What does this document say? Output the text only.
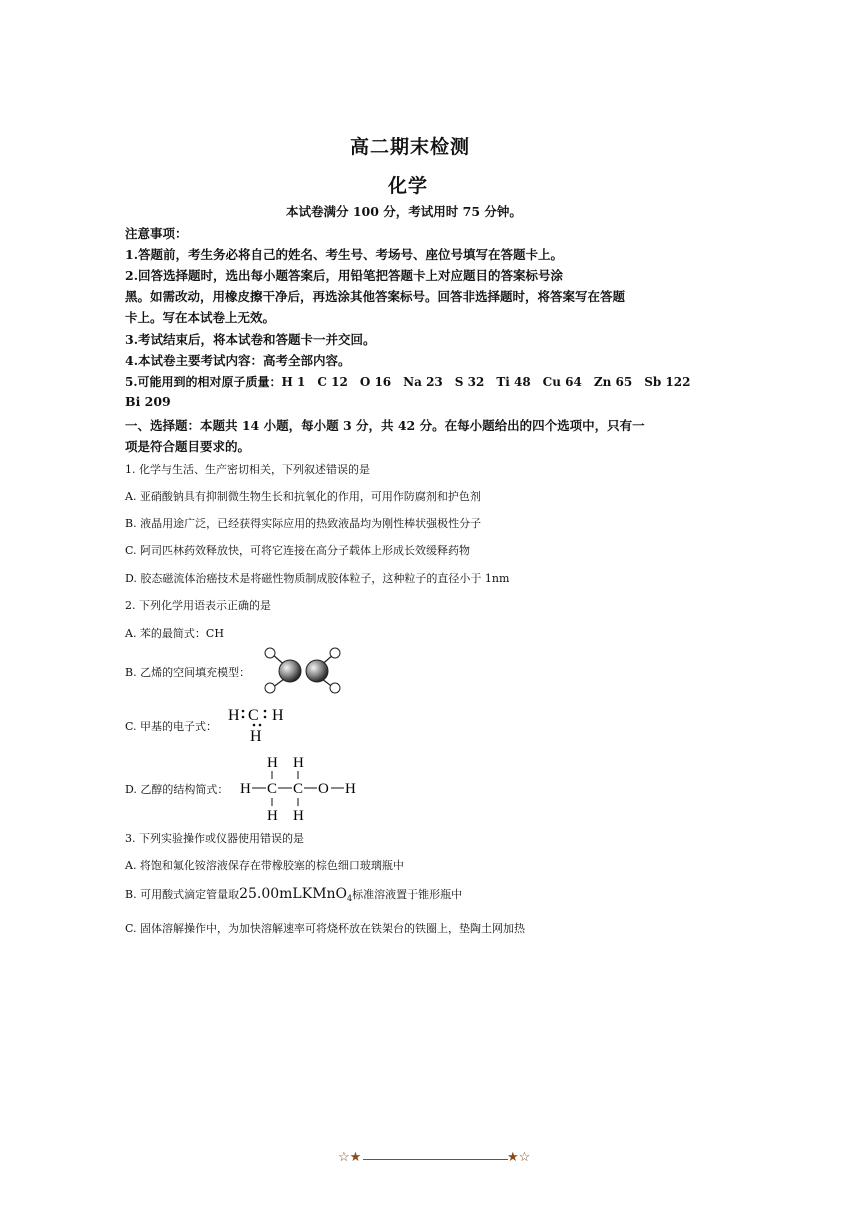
高二期末检测
化学
本试卷满分 100 分，考试用时 75 分钟。
注意事项：
1.答题前，考生务必将自己的姓名、考生号、考场号、座位号填写在答题卡上。
2.回答选择题时，选出每小题答案后，用铅笔把答题卡上对应题目的答案标号涂
黑。如需改动，用橡皮擦干净后，再选涂其他答案标号。回答非选择题时，将答案写在答题
卡上。写在本试卷上无效。
3.考试结束后，将本试卷和答题卡一并交回。
4.本试卷主要考试内容：高考全部内容。
5.可能用到的相对原子质量：H 1　C 12　O 16　Na 23　S 32　Ti 48　Cu 64　Zn 65　Sb 122
Bi 209
一、选择题：本题共 14 小题，每小题 3 分，共 42 分。在每小题给出的四个选项中，只有一
项是符合题目要求的。
1. 化学与生活、生产密切相关，下列叙述错误的是
A. 亚硝酸钠具有抑制微生物生长和抗氧化的作用，可用作防腐剂和护色剂
B. 液晶用途广泛，已经获得实际应用的热致液晶均为刚性棒状强极性分子
C. 阿司匹林药效释放快，可将它连接在高分子载体上形成长效缓释药物
D. 胶态磁流体治癌技术是将磁性物质制成胶体粒子，这种粒子的直径小于 1nm
2. 下列化学用语表示正确的是
A. 苯的最简式：CH
B. 乙烯的空间填充模型：
C. 甲基的电子式：
H C H
H
D. 乙醇的结构简式：
H H
H C C O H
H H
3. 下列实验操作或仪器使用错误的是
A. 将饱和氟化铵溶液保存在带橡胶塞的棕色细口玻璃瓶中
B. 可用酸式滴定管量取25.00mLKMnO$_4$标准溶液置于锥形瓶中
C. 固体溶解操作中，为加快溶解速率可将烧杯放在铁架台的铁圈上，垫陶土网加热
☆★	★☆
